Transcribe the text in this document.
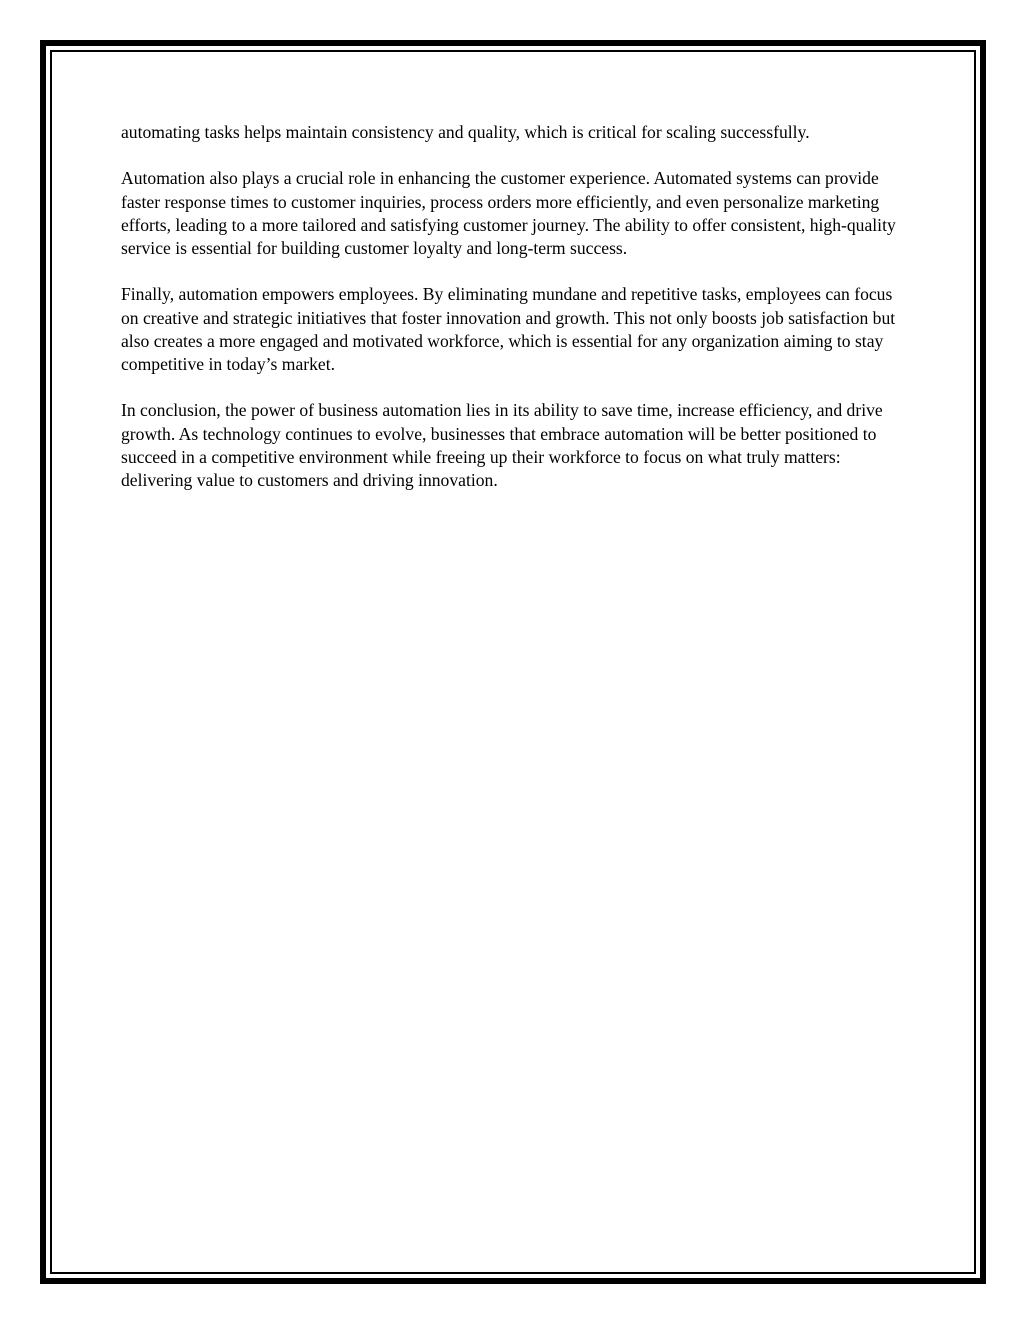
automating tasks helps maintain consistency and quality, which is critical for scaling successfully.

Automation also plays a crucial role in enhancing the customer experience. Automated systems can provide faster response times to customer inquiries, process orders more efficiently, and even personalize marketing efforts, leading to a more tailored and satisfying customer journey. The ability to offer consistent, high-quality service is essential for building customer loyalty and long-term success.

Finally, automation empowers employees. By eliminating mundane and repetitive tasks, employees can focus on creative and strategic initiatives that foster innovation and growth. This not only boosts job satisfaction but also creates a more engaged and motivated workforce, which is essential for any organization aiming to stay competitive in today’s market.

In conclusion, the power of business automation lies in its ability to save time, increase efficiency, and drive growth. As technology continues to evolve, businesses that embrace automation will be better positioned to succeed in a competitive environment while freeing up their workforce to focus on what truly matters: delivering value to customers and driving innovation.
